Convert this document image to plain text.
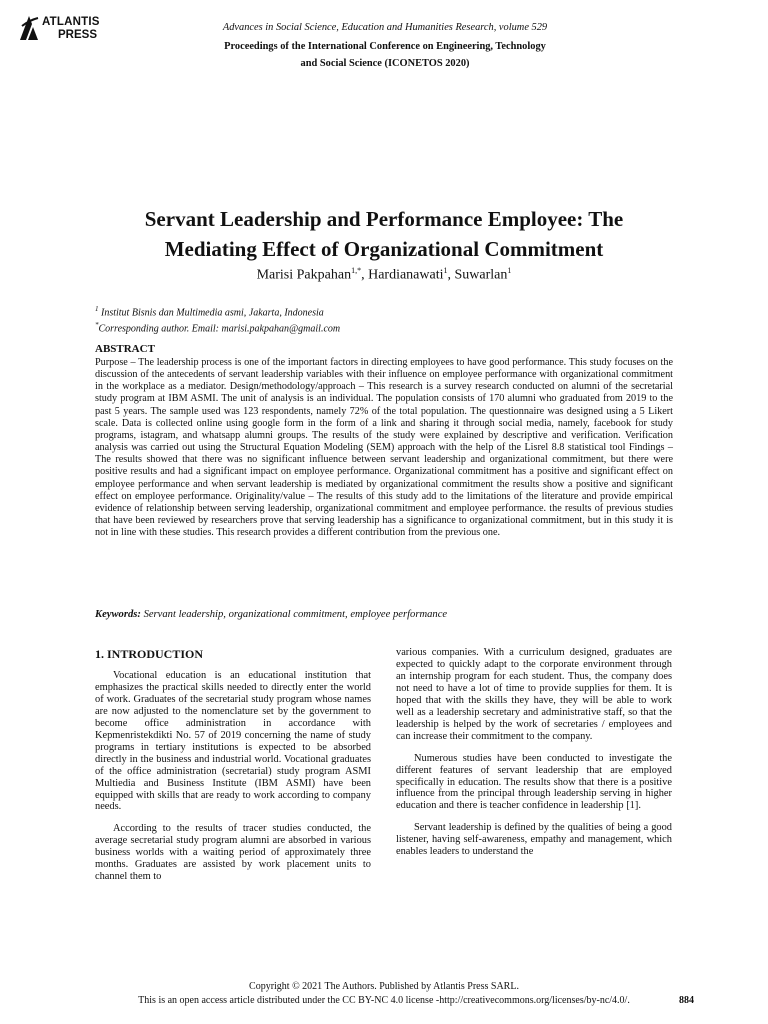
ATLANTIS
PRESS
Advances in Social Science, Education and Humanities Research, volume 529
Proceedings of the International Conference on Engineering, Technology
and Social Science (ICONETOS 2020)
Servant Leadership and Performance Employee: The
Mediating Effect of Organizational Commitment
Marisi Pakpahan$^{1,*}$, Hardianawati$^1$, Suwarlan$^1$
$^1$ Institut Bisnis dan Multimedia asmi, Jakarta, Indonesia
*Corresponding author. Email: marisi.pakpahan@gmail.com
ABSTRACT
Purpose – The leadership process is one of the important factors in directing employees to have good performance. This study focuses on the discussion of the antecedents of servant leadership variables with their influence on employee performance with organizational commitment in the workplace as a mediator. Design/methodology/approach – This research is a survey research conducted on alumni of the secretarial study program at IBM ASMI. The unit of analysis is an individual. The population consists of 170 alumni who graduated from 2019 to the past 5 years. The sample used was 123 respondents, namely 72% of the total population. The questionnaire was designed using a 5 Likert scale. Data is collected online using google form in the form of a link and sharing it through social media, namely, facebook for study programs, istagram, and whatsapp alumni groups. The results of the study were explained by descriptive and verification. Verification analysis was carried out using the Structural Equation Modeling (SEM) approach with the help of the Lisrel 8.8 statistical tool Findings – The results showed that there was no significant influence between servant leadership and organizational commitment, but there were positive results and had a significant impact on employee performance. Organizational commitment has a positive and significant effect on employee performance and when servant leadership is mediated by organizational commitment the results show a positive and significant effect on employee performance. Originality/value – The results of this study add to the limitations of the literature and provide empirical evidence of relationship between serving leadership, organizational commitment and employee performance. the results of previous studies that have been reviewed by researchers prove that serving leadership has a significance to organizational commitment, but in this study it is not in line with these studies. This research provides a different contribution from the previous one.
Keywords: Servant leadership, organizational commitment, employee performance
1. INTRODUCTION

Vocational education is an educational institution that emphasizes the practical skills needed to directly enter the world of work. Graduates of the secretarial study program whose names are now adjusted to the nomenclature set by the government to become office administration in accordance with Kepmenristekdikti No. 57 of 2019 concerning the name of study programs in tertiary institutions is expected to be absorbed directly in the business and industrial world. Vocational graduates of the office administration (secretarial) study program ASMI Multiedia and Business Institute (IBM ASMI) have been equipped with skills that are ready to work according to company needs.

According to the results of tracer studies conducted, the average secretarial study program alumni are absorbed in various business worlds with a waiting period of approximately three months. Graduates are assisted by work placement units to channel them to

various companies. With a curriculum designed, graduates are expected to quickly adapt to the corporate environment through an internship program for each student. Thus, the company does not need to have a lot of time to provide supplies for them. It is hoped that with the skills they have, they will be able to work well as a leadership secretary and administrative staff, so that the leadership is helped by the work of secretaries / employees and can increase their commitment to the company.

Numerous studies have been conducted to investigate the different features of servant leadership that are employed specifically in education. The results show that there is a positive influence from the principal through leadership serving in higher education and there is teacher confidence in leadership [1].

Servant leadership is defined by the qualities of being a good listener, having self-awareness, empathy and management, which enables leaders to understand the

Copyright © 2021 The Authors. Published by Atlantis Press SARL.
This is an open access article distributed under the CC BY-NC 4.0 license -http://creativecommons.org/licenses/by-nc/4.0/.	884
